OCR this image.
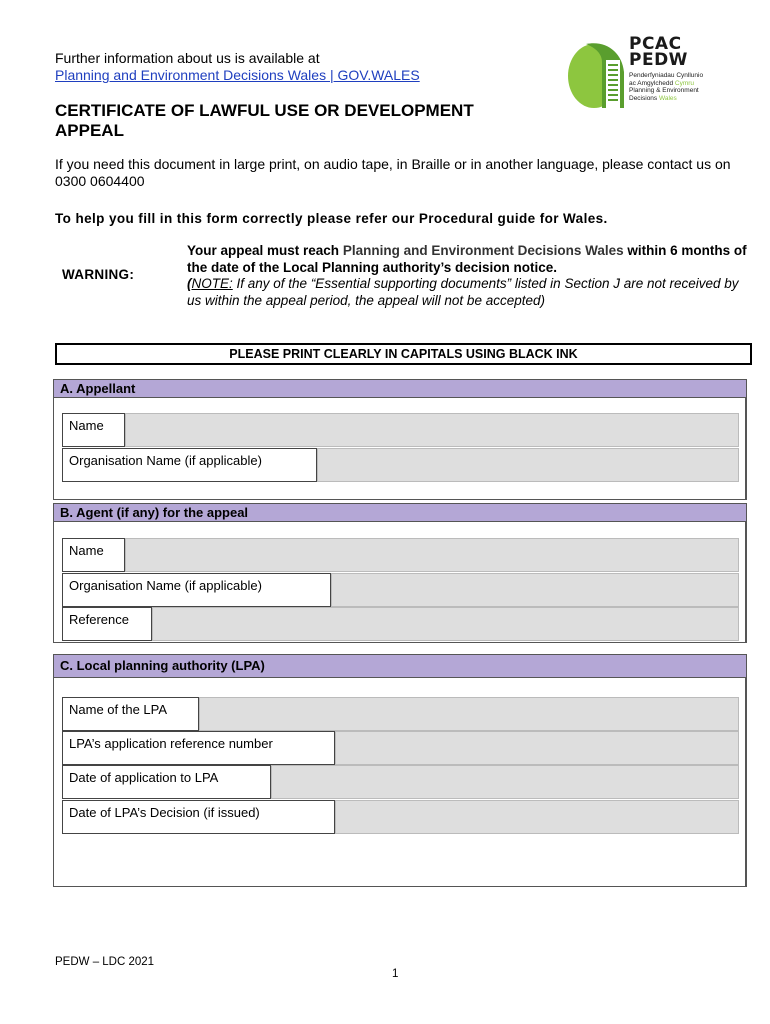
Further information about us is available at
Planning and Environment Decisions Wales | GOV.WALES
PCAC
PEDW
Penderfyniadau Cynllunio
ac Amgylchedd Cymru
Planning & Environment
Decisions Wales
CERTIFICATE OF LAWFUL USE OR DEVELOPMENT APPEAL
If you need this document in large print, on audio tape, in Braille or in another language, please contact us on 0300 0604400
To help you fill in this form correctly please refer our Procedural guide for Wales.
WARNING:
Your appeal must reach Planning and Environment Decisions Wales within 6 months of the date of the Local Planning authority’s decision notice.
(NOTE: If any of the “Essential supporting documents” listed in Section J are not received by us within the appeal period, the appeal will not be accepted)
PLEASE PRINT CLEARLY IN CAPITALS USING BLACK INK
A. Appellant
Name
Organisation Name (if applicable)
B. Agent (if any) for the appeal
Name
Organisation Name (if applicable)
Reference
C. Local planning authority (LPA)
Name of the LPA
LPA’s application reference number
Date of application to LPA
Date of LPA’s Decision (if issued)
PEDW – LDC 2021
1
